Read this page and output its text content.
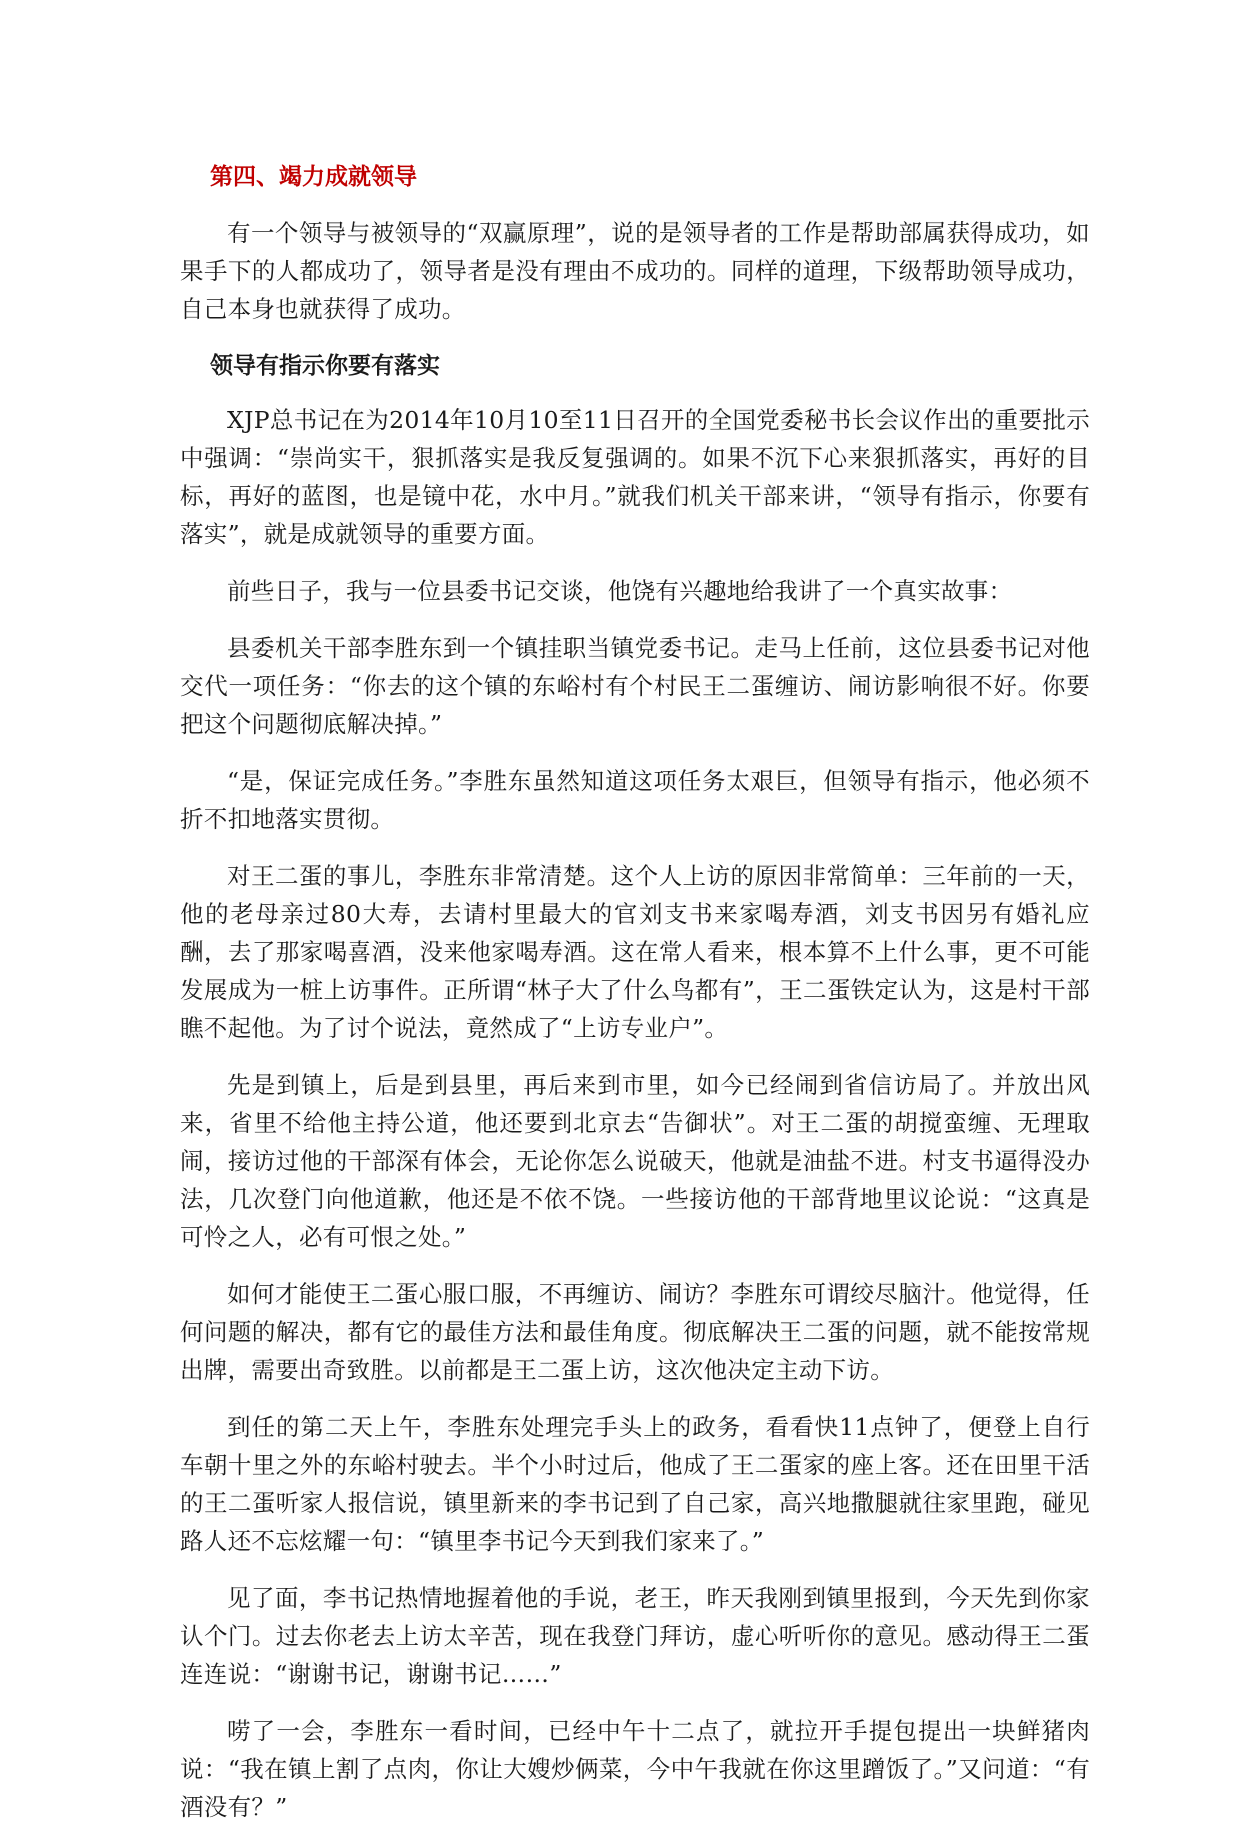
第四、竭力成就领导

有一个领导与被领导的“双赢原理”，说的是领导者的工作是帮助部属获得成功，如果手下的人都成功了，领导者是没有理由不成功的。同样的道理，下级帮助领导成功，自己本身也就获得了成功。

领导有指示你要有落实

XJP总书记在为2014年10月10至11日召开的全国党委秘书长会议作出的重要批示中强调：“崇尚实干，狠抓落实是我反复强调的。如果不沉下心来狠抓落实，再好的目标，再好的蓝图，也是镜中花，水中月。”就我们机关干部来讲，“领导有指示，你要有落实”，就是成就领导的重要方面。

前些日子，我与一位县委书记交谈，他饶有兴趣地给我讲了一个真实故事：

县委机关干部李胜东到一个镇挂职当镇党委书记。走马上任前，这位县委书记对他交代一项任务：“你去的这个镇的东峪村有个村民王二蛋缠访、闹访影响很不好。你要把这个问题彻底解决掉。”

“是，保证完成任务。”李胜东虽然知道这项任务太艰巨，但领导有指示，他必须不折不扣地落实贯彻。

对王二蛋的事儿，李胜东非常清楚。这个人上访的原因非常简单：三年前的一天，他的老母亲过80大寿，去请村里最大的官刘支书来家喝寿酒，刘支书因另有婚礼应酬，去了那家喝喜酒，没来他家喝寿酒。这在常人看来，根本算不上什么事，更不可能发展成为一桩上访事件。正所谓“林子大了什么鸟都有”，王二蛋铁定认为，这是村干部瞧不起他。为了讨个说法，竟然成了“上访专业户”。

先是到镇上，后是到县里，再后来到市里，如今已经闹到省信访局了。并放出风来，省里不给他主持公道，他还要到北京去“告御状”。对王二蛋的胡搅蛮缠、无理取闹，接访过他的干部深有体会，无论你怎么说破天，他就是油盐不进。村支书逼得没办法，几次登门向他道歉，他还是不依不饶。一些接访他的干部背地里议论说：“这真是可怜之人，必有可恨之处。”

如何才能使王二蛋心服口服，不再缠访、闹访？李胜东可谓绞尽脑汁。他觉得，任何问题的解决，都有它的最佳方法和最佳角度。彻底解决王二蛋的问题，就不能按常规出牌，需要出奇致胜。以前都是王二蛋上访，这次他决定主动下访。

到任的第二天上午，李胜东处理完手头上的政务，看看快11点钟了，便登上自行车朝十里之外的东峪村驶去。半个小时过后，他成了王二蛋家的座上客。还在田里干活的王二蛋听家人报信说，镇里新来的李书记到了自己家，高兴地撒腿就往家里跑，碰见路人还不忘炫耀一句：“镇里李书记今天到我们家来了。”

见了面，李书记热情地握着他的手说，老王，昨天我刚到镇里报到，今天先到你家认个门。过去你老去上访太辛苦，现在我登门拜访，虚心听听你的意见。感动得王二蛋连连说：“谢谢书记，谢谢书记……”

唠了一会，李胜东一看时间，已经中午十二点了，就拉开手提包提出一块鲜猪肉说：“我在镇上割了点肉，你让大嫂炒俩菜，今中午我就在你这里蹭饭了。”又问道：“有酒没有？”
